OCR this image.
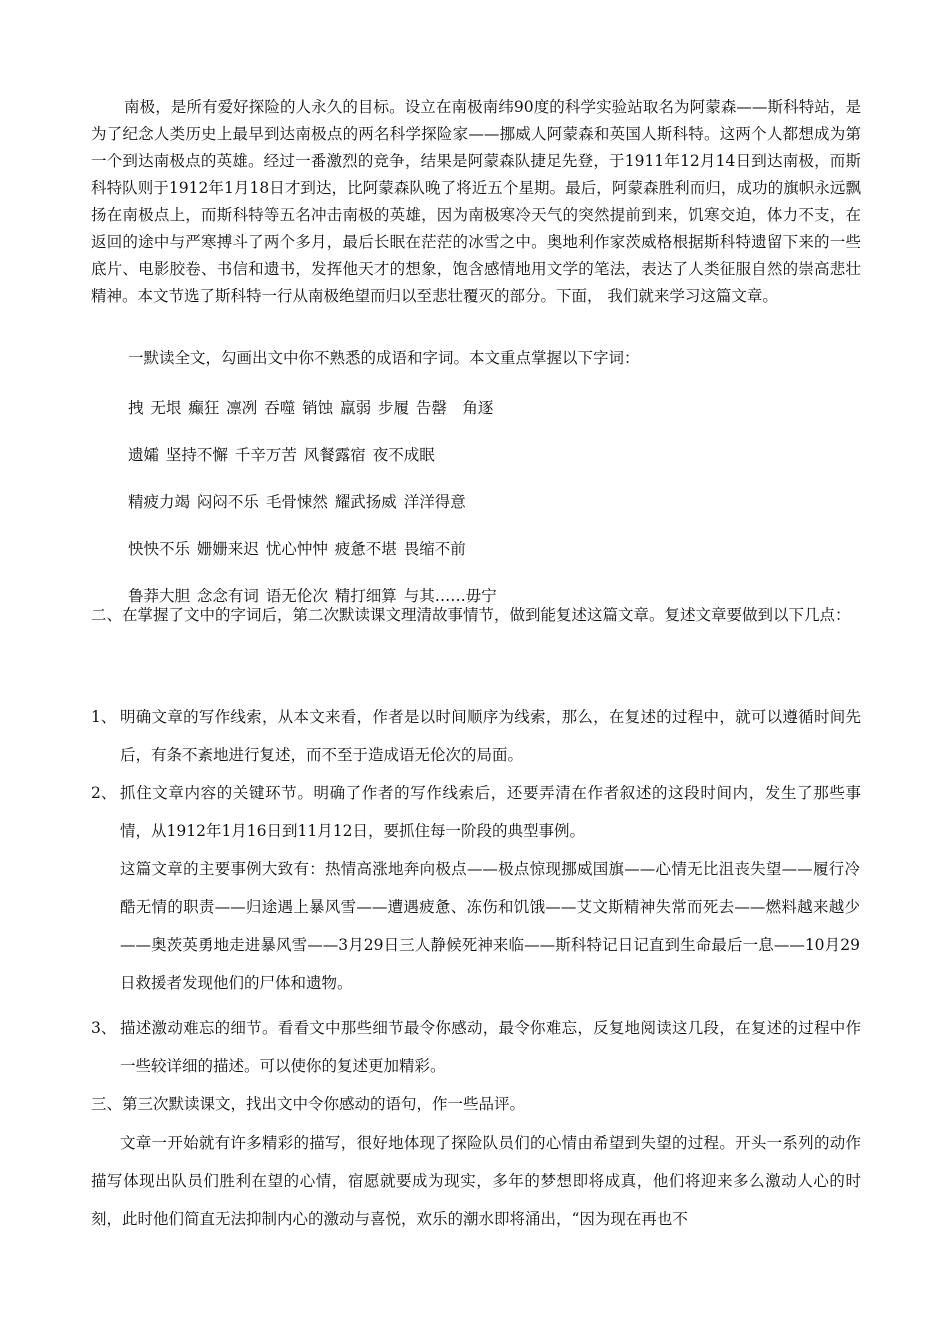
南极，是所有爱好探险的人永久的目标。设立在南极南纬90度的科学实验站取名为阿蒙森——斯科特站，是为了纪念人类历史上最早到达南极点的两名科学探险家——挪威人阿蒙森和英国人斯科特。这两个人都想成为第一个到达南极点的英雄。经过一番激烈的竞争，结果是阿蒙森队捷足先登，于1911年12月14日到达南极，而斯科特队则于1912年1月18日才到达，比阿蒙森队晚了将近五个星期。最后，阿蒙森胜利而归，成功的旗帜永远飘扬在南极点上，而斯科特等五名冲击南极的英雄，因为南极寒冷天气的突然提前到来，饥寒交迫，体力不支，在返回的途中与严寒搏斗了两个多月，最后长眠在茫茫的冰雪之中。奥地利作家茨威格根据斯科特遗留下来的一些底片、电影胶卷、书信和遗书，发挥他天才的想象，饱含感情地用文学的笔法，表达了人类征服自然的崇高悲壮精神。本文节选了斯科特一行从南极绝望而归以至悲壮覆灭的部分。下面， 我们就来学习这篇文章。

一默读全文，勾画出文中你不熟悉的成语和字词。本文重点掌握以下字词：
拽 无垠 癫狂 凛冽 吞噬 销蚀 羸弱 步履 告罄　角逐
遗孀 坚持不懈 千辛万苦 风餐露宿 夜不成眠
精疲力竭 闷闷不乐 毛骨悚然 耀武扬威 洋洋得意
怏怏不乐 姗姗来迟 忧心忡忡 疲惫不堪 畏缩不前
鲁莽大胆 念念有词 语无伦次 精打细算 与其……毋宁

二、在掌握了文中的字词后，第二次默读课文理清故事情节，做到能复述这篇文章。复述文章要做到以下几点：

1、 明确文章的写作线索，从本文来看，作者是以时间顺序为线索，那么，在复述的过程中，就可以遵循时间先后，有条不紊地进行复述，而不至于造成语无伦次的局面。
2、 抓住文章内容的关键环节。明确了作者的写作线索后，还要弄清在作者叙述的这段时间内，发生了那些事情，从1912年1月16日到11月12日，要抓住每一阶段的典型事例。

这篇文章的主要事例大致有：热情高涨地奔向极点——极点惊现挪威国旗——心情无比沮丧失望——履行冷酷无情的职责——归途遇上暴风雪——遭遇疲惫、冻伤和饥饿——艾文斯精神失常而死去——燃料越来越少——奥茨英勇地走进暴风雪——3月29日三人静候死神来临——斯科特记日记直到生命最后一息——10月29日救援者发现他们的尸体和遗物。

3、 描述激动难忘的细节。看看文中那些细节最令你感动，最令你难忘，反复地阅读这几段，在复述的过程中作一些较详细的描述。可以使你的复述更加精彩。

三、第三次默读课文，找出文中令你感动的语句，作一些品评。

文章一开始就有许多精彩的描写，很好地体现了探险队员们的心情由希望到失望的过程。开头一系列的动作描写体现出队员们胜利在望的心情，宿愿就要成为现实，多年的梦想即将成真，他们将迎来多么激动人心的时刻，此时他们简直无法抑制内心的激动与喜悦，欢乐的潮水即将涌出，“因为现在再也不
